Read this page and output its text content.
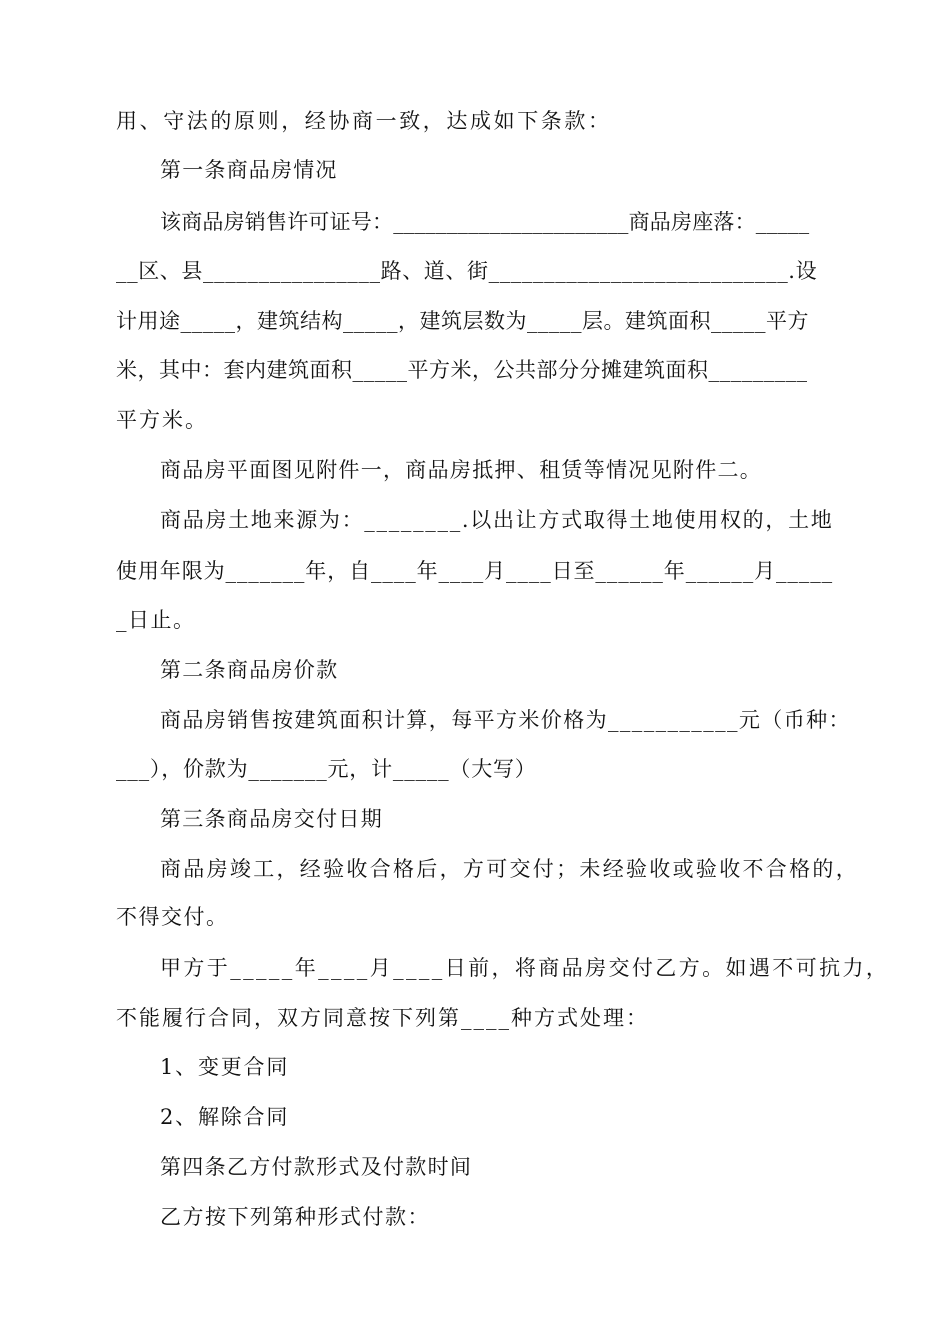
用、守法的原则，经协商一致，达成如下条款：

第一条商品房情况

该商品房销售许可证号：______________________商品房座落：_____

__区、县________________路、道、街___________________________.设

计用途_____，建筑结构_____，建筑层数为_____层。建筑面积_____平方

米，其中：套内建筑面积_____平方米，公共部分分摊建筑面积_________

平方米。

商品房平面图见附件一，商品房抵押、租赁等情况见附件二。

商品房土地来源为：________.以出让方式取得土地使用权的，土地

使用年限为_______年，自____年____月____日至______年______月_____

_日止。

第二条商品房价款

商品房销售按建筑面积计算，每平方米价格为___________元（币种：

___），价款为_______元，计_____（大写）

第三条商品房交付日期

商品房竣工，经验收合格后，方可交付；未经验收或验收不合格的，

不得交付。

甲方于_____年____月____日前，将商品房交付乙方。如遇不可抗力，

不能履行合同，双方同意按下列第____种方式处理：

1、变更合同

2、解除合同

第四条乙方付款形式及付款时间

乙方按下列第种形式付款：
